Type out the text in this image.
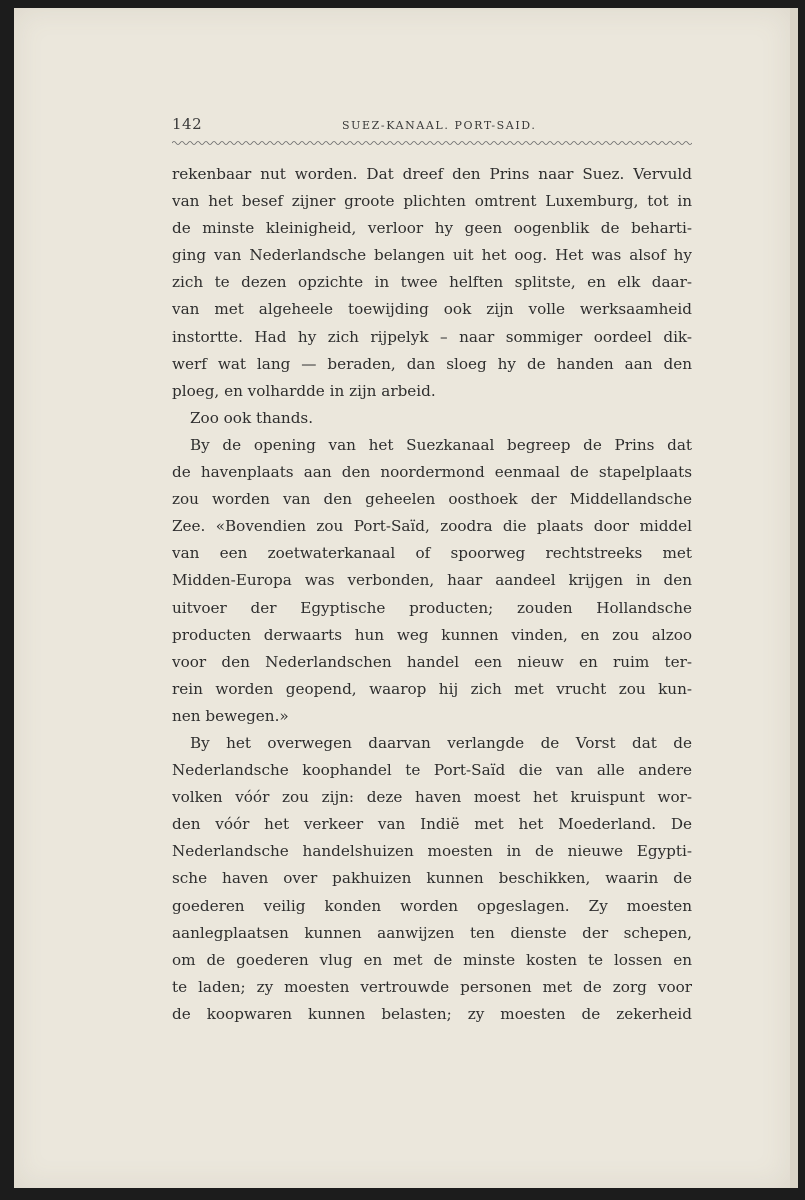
142	SUEZ-KANAAL. PORT-SAID.
rekenbaar nut worden. Dat dreef den Prins naar Suez. Vervuld
van het besef zijner groote plichten omtrent Luxemburg, tot in
de minste kleinigheid, verloor hy geen oogenblik de beharti-
ging van Nederlandsche belangen uit het oog. Het was alsof hy
zich te dezen opzichte in twee helften splitste, en elk daar-
van met algeheele toewijding ook zijn volle werksaamheid
instortte. Had hy zich rijpelyk – naar sommiger oordeel dik-
werf wat lang — beraden, dan sloeg hy de handen aan den
ploeg, en volhardde in zijn arbeid.
Zoo ook thands.
By de opening van het Suezkanaal begreep de Prins dat
de havenplaats aan den noordermond eenmaal de stapelplaats
zou worden van den geheelen oosthoek der Middellandsche
Zee. «Bovendien zou Port-Saïd, zoodra die plaats door middel
van een zoetwaterkanaal of spoorweg rechtstreeks met
Midden-Europa was verbonden, haar aandeel krijgen in den
uitvoer der Egyptische producten; zouden Hollandsche
producten derwaarts hun weg kunnen vinden, en zou alzoo
voor den Nederlandschen handel een nieuw en ruim ter-
rein worden geopend, waarop hij zich met vrucht zou kun-
nen bewegen.»
By het overwegen daarvan verlangde de Vorst dat de
Nederlandsche koophandel te Port-Saïd die van alle andere
volken vóór zou zijn: deze haven moest het kruispunt wor-
den vóór het verkeer van Indië met het Moederland. De
Nederlandsche handelshuizen moesten in de nieuwe Egypti-
sche haven over pakhuizen kunnen beschikken, waarin de
goederen veilig konden worden opgeslagen. Zy moesten
aanlegplaatsen kunnen aanwijzen ten dienste der schepen,
om de goederen vlug en met de minste kosten te lossen en
te laden; zy moesten vertrouwde personen met de zorg voor
de koopwaren kunnen belasten; zy moesten de zekerheid
